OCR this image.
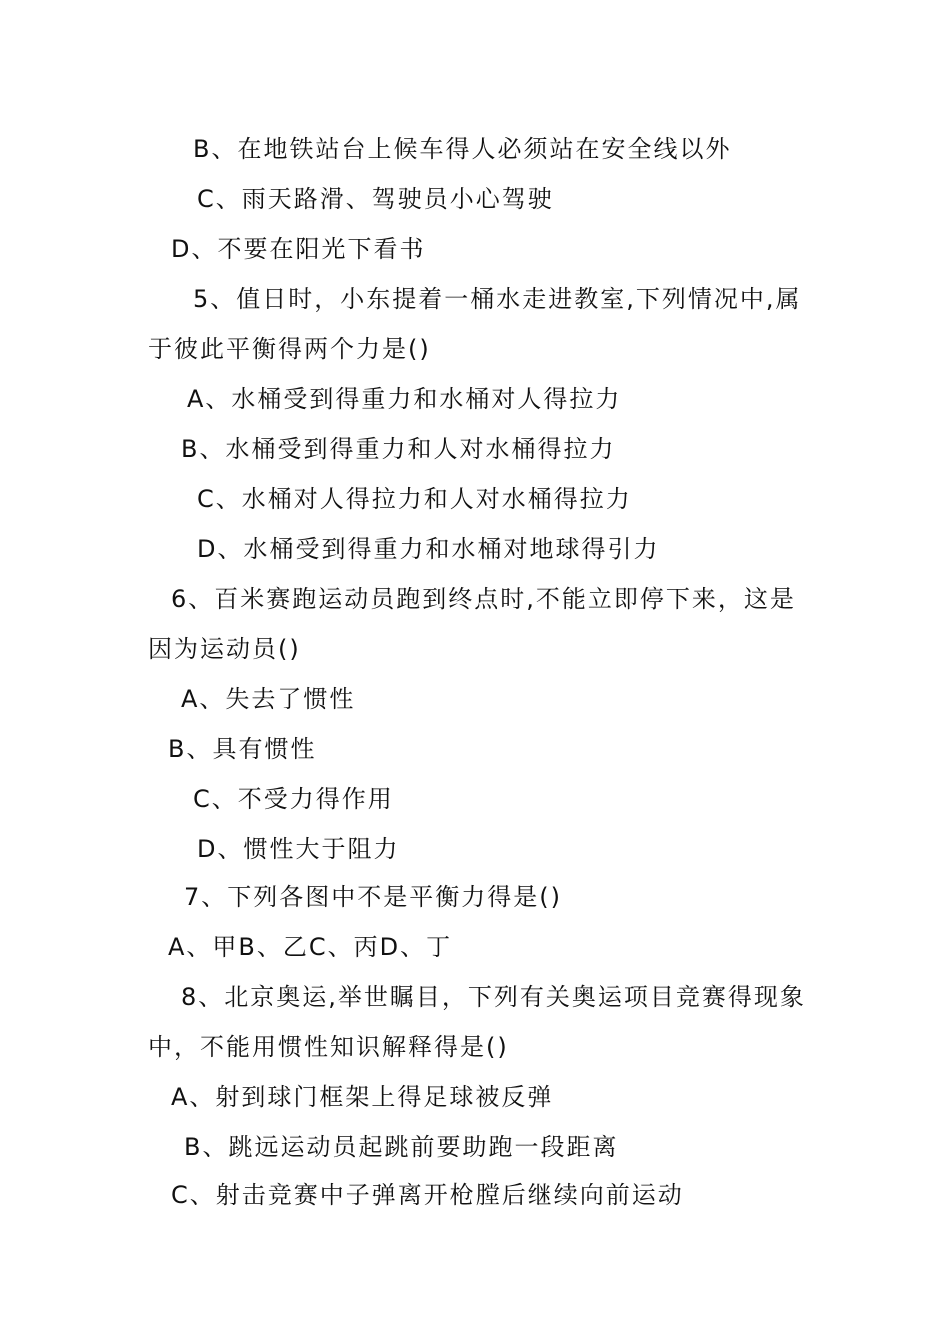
B、在地铁站台上候车得人必须站在安全线以外
C、雨天路滑、驾驶员小心驾驶
D、不要在阳光下看书
5、值日时，小东提着一桶水走进教室,下列情况中,属
于彼此平衡得两个力是()
A、水桶受到得重力和水桶对人得拉力
B、水桶受到得重力和人对水桶得拉力
C、水桶对人得拉力和人对水桶得拉力
D、水桶受到得重力和水桶对地球得引力
6、百米赛跑运动员跑到终点时,不能立即停下来，这是
因为运动员()
A、失去了惯性
B、具有惯性
C、不受力得作用
D、惯性大于阻力
7、下列各图中不是平衡力得是()
A、甲B、乙C、丙D、丁
8、北京奥运,举世瞩目，下列有关奥运项目竞赛得现象
中，不能用惯性知识解释得是()
A、射到球门框架上得足球被反弹
B、跳远运动员起跳前要助跑一段距离
C、射击竞赛中子弹离开枪膛后继续向前运动
